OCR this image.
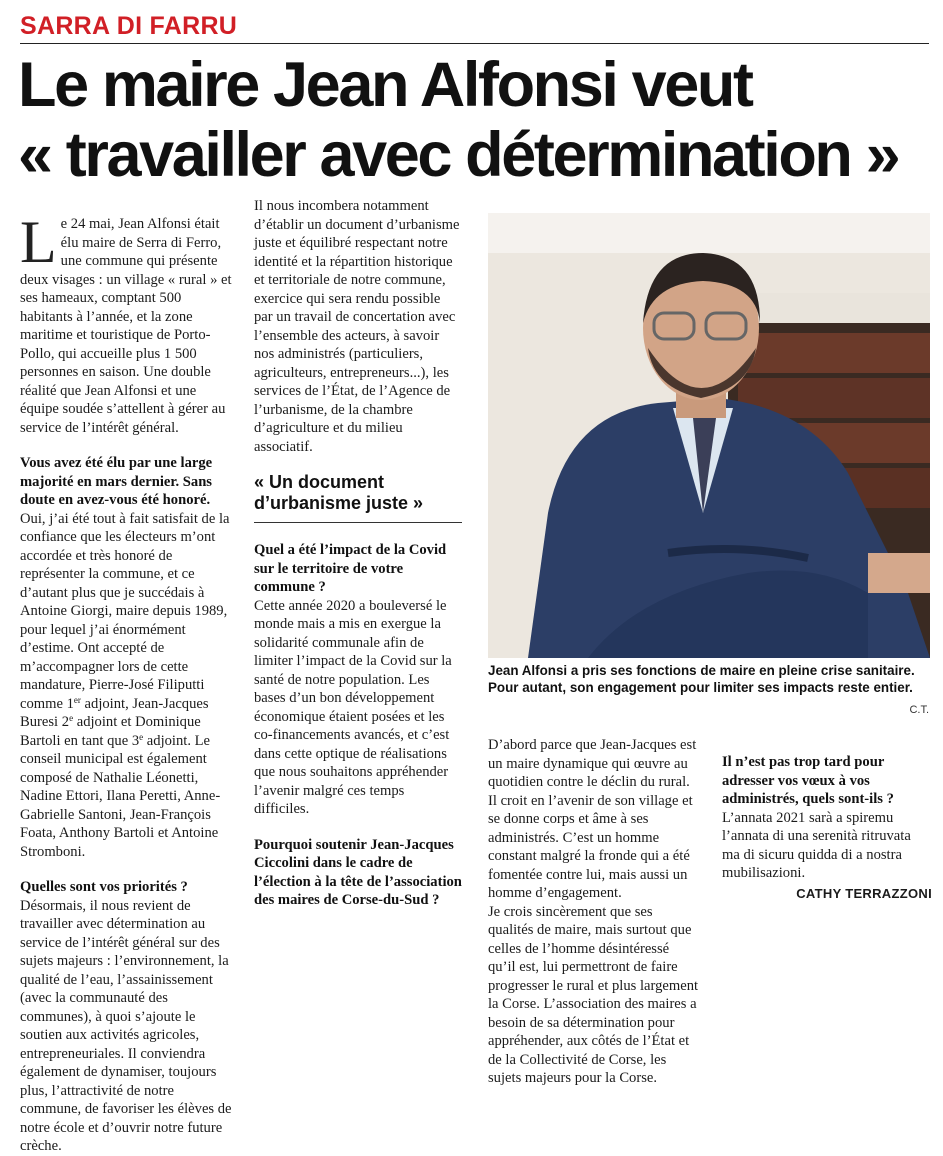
SARRA DI FARRU
Le maire Jean Alfonsi veut
« travailler avec détermination »

Le 24 mai, Jean Alfonsi était élu maire de Serra di Ferro, une commune qui présente deux visages : un village « rural » et ses hameaux, comptant 500 habitants à l’année, et la zone maritime et touristique de Porto-Pollo, qui accueille plus 1 500 personnes en saison. Une double réalité que Jean Alfonsi et une équipe soudée s’attellent à gérer au service de l’intérêt général.

Vous avez été élu par une large majorité en mars dernier. Sans doute en avez-vous été honoré.

Oui, j’ai été tout à fait satisfait de la confiance que les électeurs m’ont accordée et très honoré de représenter la commune, et ce d’autant plus que je succédais à Antoine Giorgi, maire depuis 1989, pour lequel j’ai énormément d’estime. Ont accepté de m’accompagner lors de cette mandature, Pierre-José Filiputti comme 1er adjoint, Jean-Jacques Buresi 2e adjoint et Dominique Bartoli en tant que 3e adjoint. Le conseil municipal est également composé de Nathalie Léonetti, Nadine Ettori, Ilana Peretti, Anne-Gabrielle Santoni, Jean-François Foata, Anthony Bartoli et Antoine Stromboni.

Quelles sont vos priorités ?

Désormais, il nous revient de travailler avec détermination au service de l’intérêt général sur des sujets majeurs : l’environnement, la qualité de l’eau, l’assainissement (avec la communauté des communes), à quoi s’ajoute le soutien aux activités agricoles, entrepreneuriales. Il conviendra également de dynamiser, toujours plus, l’attractivité de notre commune, de favoriser les élèves de notre école et d’ouvrir notre future crèche.

Il nous incombera notamment d’établir un document d’urbanisme juste et équilibré respectant notre identité et la répartition historique et territoriale de notre commune, exercice qui sera rendu possible par un travail de concertation avec l’ensemble des acteurs, à savoir nos administrés (particuliers, agriculteurs, entrepreneurs...), les services de l’État, de l’Agence de l’urbanisme, de la chambre d’agriculture et du milieu associatif.

« Un document d’urbanisme juste »

Quel a été l’impact de la Covid sur le territoire de votre commune ?

Cette année 2020 a bouleversé le monde mais a mis en exergue la solidarité communale afin de limiter l’impact de la Covid sur la santé de notre population. Les bases d’un bon développement économique étaient posées et les co-financements avancés, et c’est dans cette optique de réalisations que nous souhaitons appréhender l’avenir malgré ces temps difficiles.

Pourquoi soutenir Jean-Jacques Ciccolini dans le cadre de l’élection à la tête de l’association des maires de Corse-du-Sud ?

Jean Alfonsi a pris ses fonctions de maire en pleine crise sanitaire. Pour autant, son engagement pour limiter ses impacts reste entier.

C.T.

D’abord parce que Jean-Jacques est un maire dynamique qui œuvre au quotidien contre le déclin du rural. Il croit en l’avenir de son village et se donne corps et âme à ses administrés. C’est un homme constant malgré la fronde qui a été fomentée contre lui, mais aussi un homme d’engagement.

Je crois sincèrement que ses qualités de maire, mais surtout que celles de l’homme désintéressé qu’il est, lui permettront de faire progresser le rural et plus largement la Corse. L’association des maires a besoin de sa détermination pour appréhender, aux côtés de l’État et de la Collectivité de Corse, les sujets majeurs pour la Corse.

Il n’est pas trop tard pour adresser vos vœux à vos administrés, quels sont-ils ?

L’annata 2021 sarà a spiremu l’annata di una serenità ritruvata ma di sicuru quidda di a nostra mubilisazioni.

CATHY TERRAZZONI
